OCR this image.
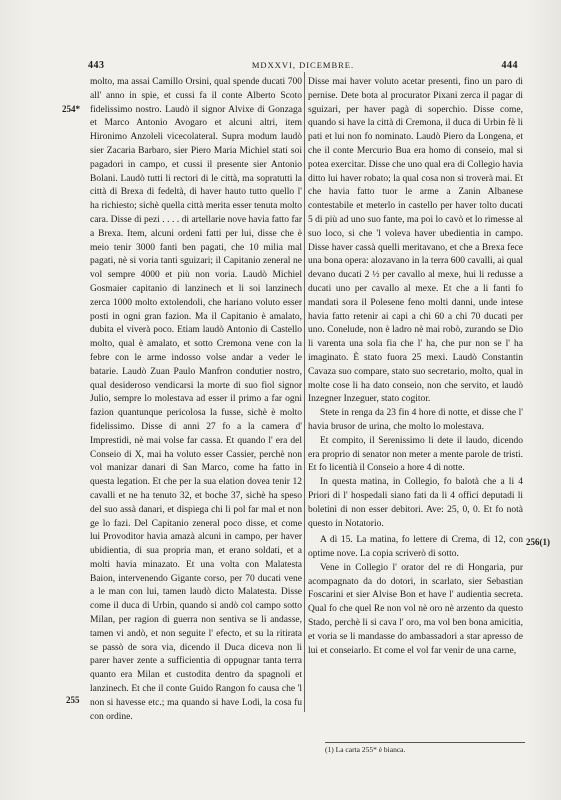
443	MDXXVI, DICEMBRE.	444
254*
255
256(1)

molto, ma assai Camillo Orsini, qual spende ducati 700 all' anno in spie, et cussi fa il conte Alberto Scoto fidelissimo nostro. Laudò il signor Alvixe di Gonzaga et Marco Antonio Avogaro et alcuni altri, item Hironimo Anzoleli vicecolateral. Supra modum laudò sier Zacaria Barbaro, sier Piero Maria Michiel stati soi pagadori in campo, et cussi il presente sier Antonio Bolani. Laudò tutti li rectori di le città, ma sopratutti la città di Brexa di fedeltà, di haver hauto tutto quello l' ha richiesto; sichè quella città merita esser tenuta molto cara. Disse di pezi . . . . di artellarie nove havia fatto far a Brexa. Item, alcuni ordeni fatti per lui, disse che è meio tenir 3000 fanti ben pagati, che 10 milia mal pagati, nè si voria tanti sguizari; il Capitanio zeneral ne vol sempre 4000 et più non voria. Laudò Michiel Gosmaier capitanio di lanzinech et li soi lanzinech zerca 1000 molto extolendoli, che hariano voluto esser posti in ogni gran fazion. Ma il Capitanio è amalato, dubita el viverà poco. Etiam laudò Antonio di Castello molto, qual è amalato, et sotto Cremona vene con la febre con le arme indosso volse andar a veder le batarie. Laudò Zuan Paulo Manfron condutier nostro, qual desideroso vendicarsi la morte di suo fiol signor Julio, sempre lo molestava ad esser il primo a far ogni fazion quantunque pericolosa la fusse, sichè è molto fidelissimo. Disse di anni 27 fo a la camera d' Imprestidi, nè mai volse far cassa. Et quando l' era del Conseio di X, mai ha voluto esser Cassier, perchè non vol manizar danari di San Marco, come ha fatto in questa legation. Et che per la sua elation dovea tenir 12 cavalli et ne ha tenuto 32, et boche 37, sichè ha speso del suo assà danari, et dispiega chi li pol far mal et non ge lo fazi. Del Capitanio zeneral poco disse, et come lui Provoditor havia amazà alcuni in campo, per haver ubidientia, di sua propria man, et erano soldati, et a molti havia minazato. Et una volta con Malatesta Baion, intervenendo Gigante corso, per 70 ducati vene a le man con lui, tamen laudò dicto Malatesta. Disse come il duca di Urbin, quando si andò col campo sotto Milan, per ragion di guerra non sentiva se li andasse, tamen vi andò, et non seguite l' efecto, et su la ritirata se passò de sora via, dicendo il Duca diceva non li parer haver zente a sufficientia di oppugnar tanta terra quanto era Milan et custodita dentro da spagnoli et lanzinech. Et che il conte Guido Rangon fo causa che 'l non si havesse etc.; ma quando si have Lodi, la cosa fu con ordine.

Disse mai haver voluto acetar presenti, fino un paro di pernise. Dete bota al procurator Pixani zerca il pagar di sguizari, per haver pagà di soperchio. Disse come, quando si have la città di Cremona, il duca di Urbin fè li pati et lui non fo nominato. Laudò Piero da Longena, et che il conte Mercurio Bua era homo di conseio, mal si potea exercitar. Disse che uno qual era di Collegio havia ditto lui haver robato; la qual cosa non si troverà mai. Et che havia fatto tuor le arme a Zanin Albanese contestabile et meterlo in castello per haver tolto ducati 5 di più ad uno suo fante, ma poi lo cavò et lo rimesse al suo loco, si che 'l voleva haver ubedientia in campo. Disse haver cassà quelli meritavano, et che a Brexa fece una bona opera: alozavano in la terra 600 cavalli, ai qual devano ducati 2 ½ per cavallo al mexe, hui li redusse a ducati uno per cavallo al mexe. Et che a li fanti fo mandati sora il Polesene feno molti danni, unde intese havia fatto retenir ai capi a chi 60 a chi 70 ducati per uno. Conelude, non è ladro nè mai robò, zurando se Dio li varenta una sola fia che l' ha, che pur non se l' ha imaginato. È stato fuora 25 mexi. Laudò Constantin Cavaza suo compare, stato suo secretario, molto, qual in molte cose li ha dato conseio, non che servito, et laudò Inzegner Inzeguer, stato cogitor.

Stete in renga da 23 fin 4 hore di notte, et disse che l' havia brusor de urina, che molto lo molestava.

Et compito, il Serenissimo li dete il laudo, dicendo era proprio di senator non meter a mente parole de tristi. Et fo licentià il Conseio a hore 4 di notte.

In questa matina, in Collegio, fo balotà che a li 4 Priori di l' hospedali siano fati da li 4 offici deputadi li boletini di non esser debitori. Ave: 25, 0, 0. Et fo notà questo in Notatorio.

A dì 15. La matina, fo lettere di Crema, di 12, con optime nove. La copia scriverò di sotto.

Vene in Collegio l' orator del re di Hongaria, pur acompagnato da do dotori, in scarlato, sier Sebastian Foscarini et sier Alvise Bon et have l' audientia secreta. Qual fo che quel Re non vol nè oro nè arzento da questo Stado, perchè li si cava l' oro, ma vol ben bona amicitia, et voria se li mandasse do ambassadori a star apresso de lui et conseiarlo. Et come el vol far venir de una carne,

(1) La carta 255* è bianca.
